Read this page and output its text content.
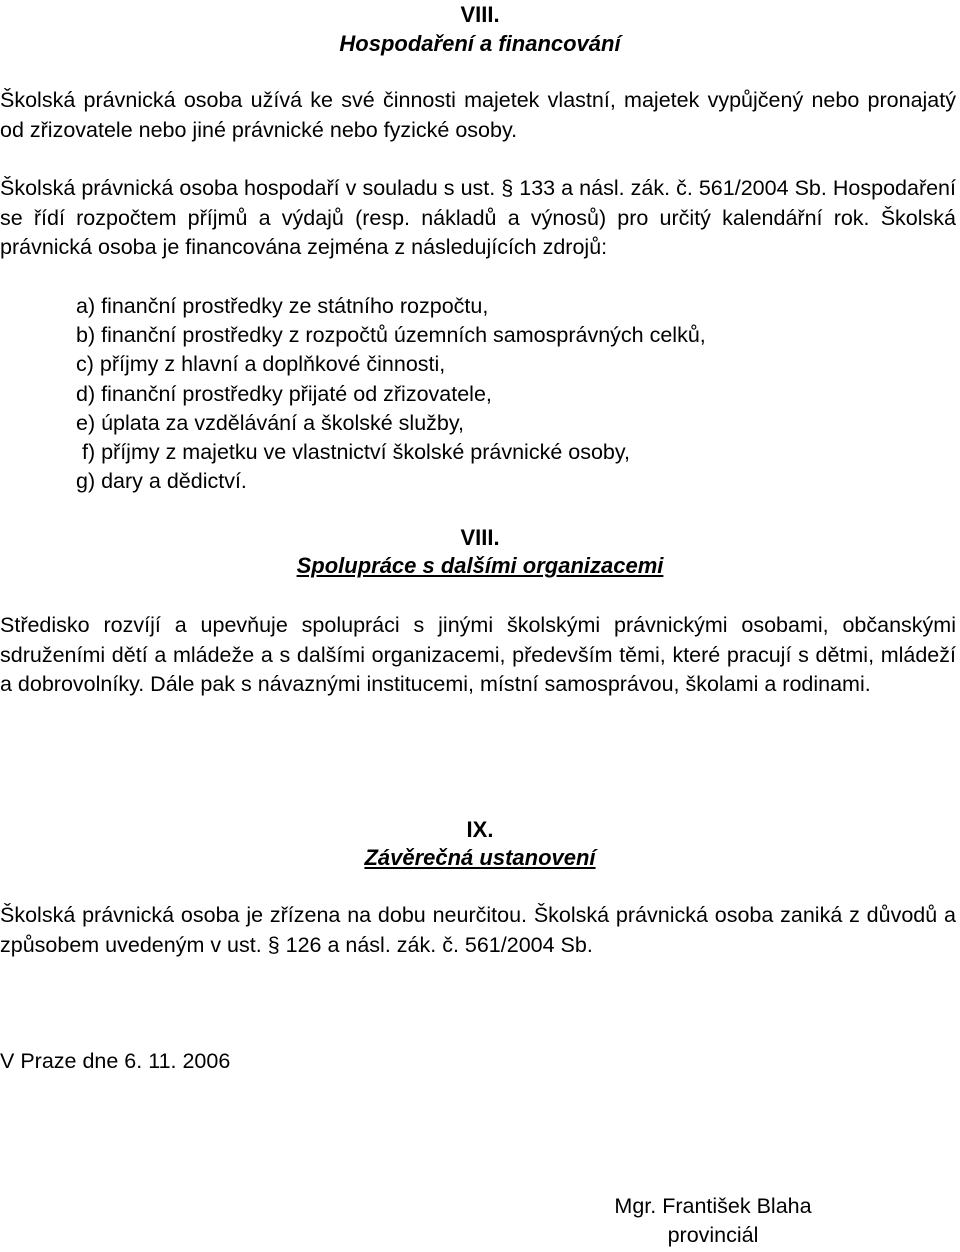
VIII.
Hospodaření a financování

Školská právnická osoba užívá ke své činnosti majetek vlastní, majetek vypůjčený nebo pronajatý od zřizovatele nebo jiné právnické nebo fyzické osoby.

Školská právnická osoba hospodaří v souladu s ust. § 133 a násl. zák. č. 561/2004 Sb. Hospodaření se řídí rozpočtem příjmů a výdajů (resp. nákladů a výnosů) pro určitý kalendářní rok. Školská právnická osoba je financována zejména z následujících zdrojů:

a) finanční prostředky ze státního rozpočtu,
b) finanční prostředky z rozpočtů územních samosprávných celků,
c) příjmy z hlavní a doplňkové činnosti,
d) finanční prostředky přijaté od zřizovatele,
e) úplata za vzdělávání a školské služby,
f) příjmy z majetku ve vlastnictví školské právnické osoby,
g) dary a dědictví.
VIII.
Spolupráce s dalšími organizacemi

Středisko rozvíjí a upevňuje spolupráci s jinými školskými právnickými osobami, občanskými sdruženími dětí a mládeže a s dalšími organizacemi, především těmi, které pracují s dětmi, mládeží a dobrovolníky. Dále pak s návaznými institucemi, místní samosprávou, školami a rodinami.

IX.
Závěrečná ustanovení

Školská právnická osoba je zřízena na dobu neurčitou. Školská právnická osoba zaniká z důvodů a způsobem uvedeným v ust. § 126 a násl. zák. č. 561/2004 Sb.

V Praze dne 6. 11. 2006
Mgr. František Blaha
provinciál
